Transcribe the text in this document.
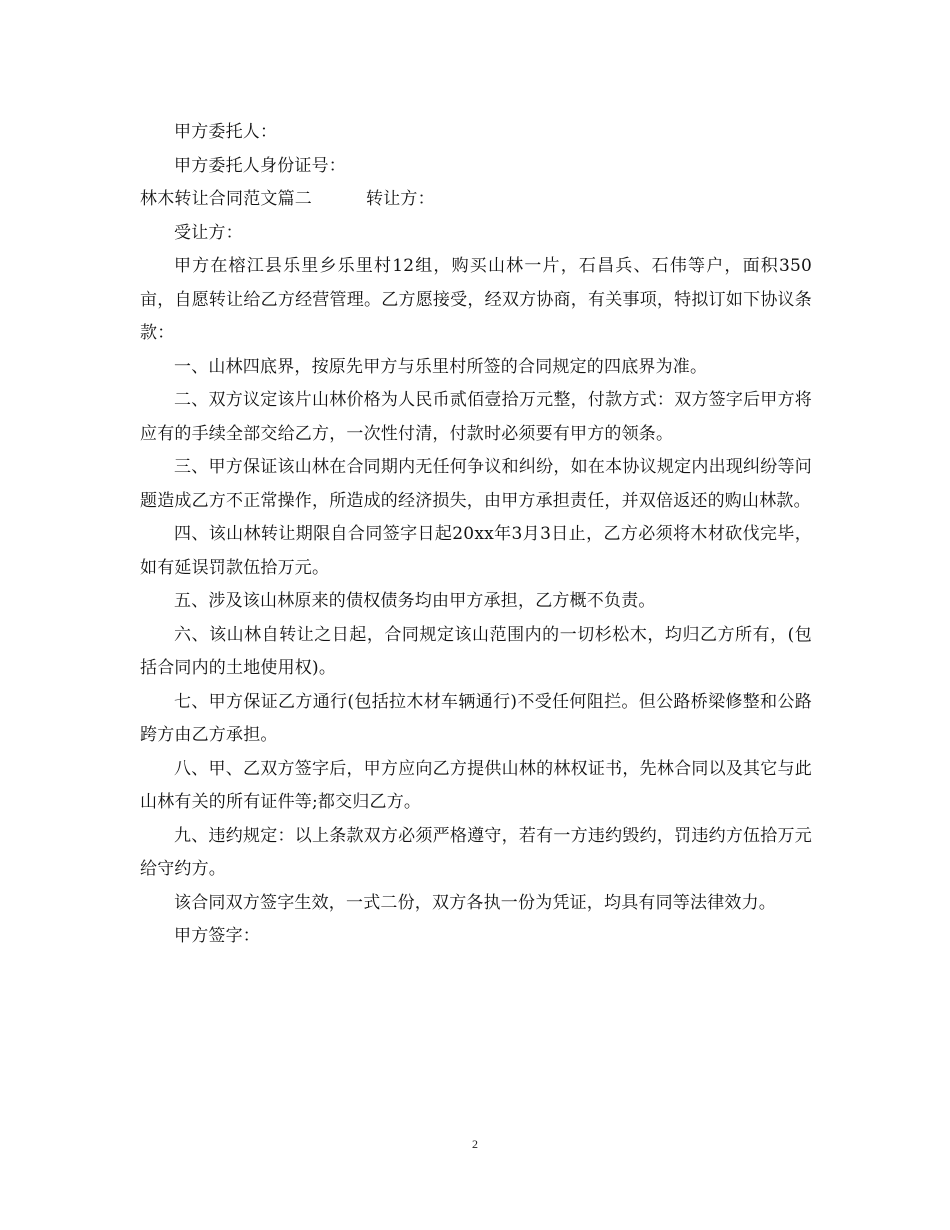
甲方委托人：

甲方委托人身份证号：

林木转让合同范文篇二	转让方：

受让方：

甲方在榕江县乐里乡乐里村12组，购买山林一片，石昌兵、石伟等户，面积350亩，自愿转让给乙方经营管理。乙方愿接受，经双方协商，有关事项，特拟订如下协议条款：

一、山林四底界，按原先甲方与乐里村所签的合同规定的四底界为准。

二、双方议定该片山林价格为人民币贰佰壹拾万元整，付款方式：双方签字后甲方将应有的手续全部交给乙方，一次性付清，付款时必须要有甲方的领条。

三、甲方保证该山林在合同期内无任何争议和纠纷，如在本协议规定内出现纠纷等问题造成乙方不正常操作，所造成的经济损失，由甲方承担责任，并双倍返还的购山林款。

四、该山林转让期限自合同签字日起20xx年3月3日止，乙方必须将木材砍伐完毕，如有延误罚款伍拾万元。

五、涉及该山林原来的债权债务均由甲方承担，乙方概不负责。

六、该山林自转让之日起，合同规定该山范围内的一切杉松木，均归乙方所有，(包括合同内的土地使用权)。

七、甲方保证乙方通行(包括拉木材车辆通行)不受任何阻拦。但公路桥梁修整和公路跨方由乙方承担。

八、甲、乙双方签字后，甲方应向乙方提供山林的林权证书，先林合同以及其它与此山林有关的所有证件等;都交归乙方。

九、违约规定：以上条款双方必须严格遵守，若有一方违约毁约，罚违约方伍拾万元给守约方。

该合同双方签字生效，一式二份，双方各执一份为凭证，均具有同等法律效力。

甲方签字：

2
